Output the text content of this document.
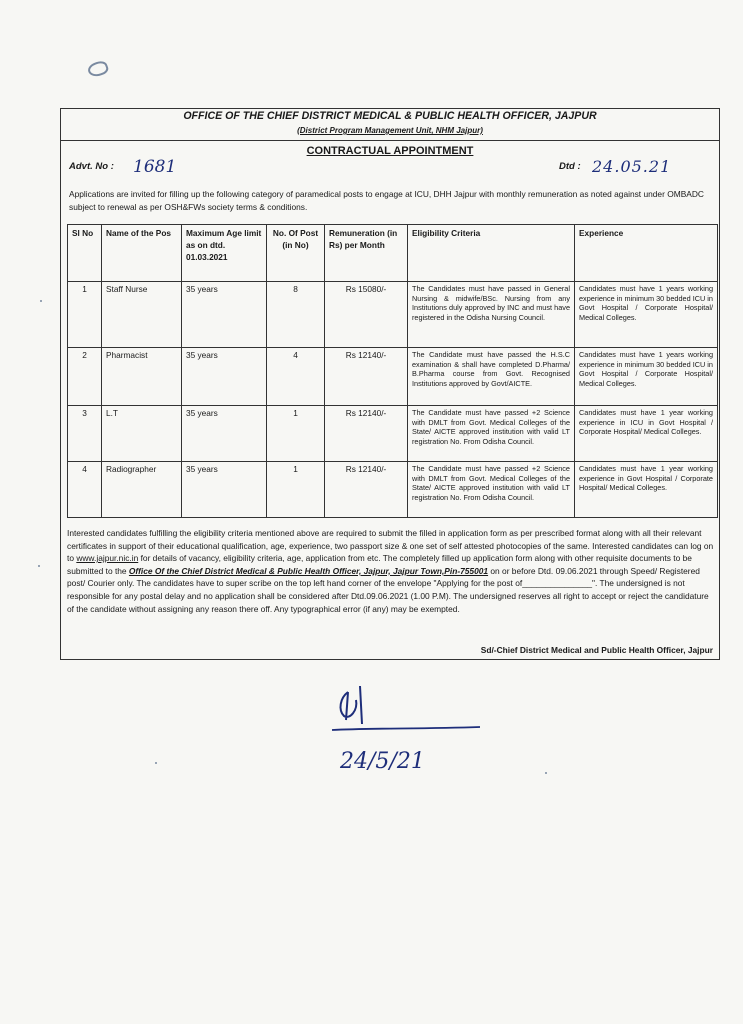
OFFICE OF THE CHIEF DISTRICT MEDICAL & PUBLIC HEALTH OFFICER, JAJPUR
(District Program Management Unit, NHM Jajpur)
CONTRACTUAL APPOINTMENT
Advt. No : 1681	Dtd : 24.05.21
Applications are invited for filling up the following category of paramedical posts to engage at ICU, DHH Jajpur with monthly remuneration as noted against under OMBADC subject to renewal as per OSH&FWs society terms & conditions.
Sl No	Name of the Pos	Maximum Age limit as on dtd. 01.03.2021	No. Of Post (in No)	Remuneration (in Rs) per Month	Eligibility Criteria	Experience
1	Staff Nurse	35 years	8	Rs 15080/-	The Candidates must have passed in General Nursing & midwife/BSc. Nursing from any Institutions duly approved by INC and must have registered in the Odisha Nursing Council.	Candidates must have 1 years working experience in minimum 30 bedded ICU in Govt Hospital / Corporate Hospital/ Medical Colleges.
2	Pharmacist	35 years	4	Rs 12140/-	The Candidate must have passed the H.S.C examination & shall have completed D.Pharma/ B.Pharma course from Govt. Recognised Institutions approved by Govt/AICTE.	Candidates must have 1 years working experience in minimum 30 bedded ICU in Govt Hospital / Corporate Hospital/ Medical Colleges.
3	L.T	35 years	1	Rs 12140/-	The Candidate must have passed +2 Science with DMLT from Govt. Medical Colleges of the State/ AICTE approved institution with valid LT registration No. From Odisha Council.	Candidates must have 1 year working experience in ICU in Govt Hospital / Corporate Hospital/ Medical Colleges.
4	Radiographer	35 years	1	Rs 12140/-	The Candidate must have passed +2 Science with DMLT from Govt. Medical Colleges of the State/ AICTE approved institution with valid LT registration No. From Odisha Council.	Candidates must have 1 year working experience in Govt Hospital / Corporate Hospital/ Medical Colleges.
Interested candidates fulfilling the eligibility criteria mentioned above are required to submit the filled in application form as per prescribed format along with all their relevant certificates in support of their educational qualification, age, experience, two passport size & one set of self attested photocopies of the same. Interested candidates can log on to www.jajpur.nic.in for details of vacancy, eligibility criteria, age, application from etc. The completely filled up application form along with other requisite documents to be submitted to the Office Of the Chief District Medical & Public Health Officer, Jajpur, Jajpur Town,Pin-755001 on or before Dtd. 09.06.2021 through Speed/ Registered post/ Courier only. The candidates have to super scribe on the top left hand corner of the envelope "Applying for the post of_______________". The undersigned is not responsible for any postal delay and no application shall be considered after Dtd.09.06.2021 (1.00 P.M). The undersigned reserves all right to accept or reject the candidature of the candidate without assigning any reason there off. Any typographical error (if any) may be exempted.
Sd/-Chief District Medical and Public Health Officer, Jajpur
24/5/21
